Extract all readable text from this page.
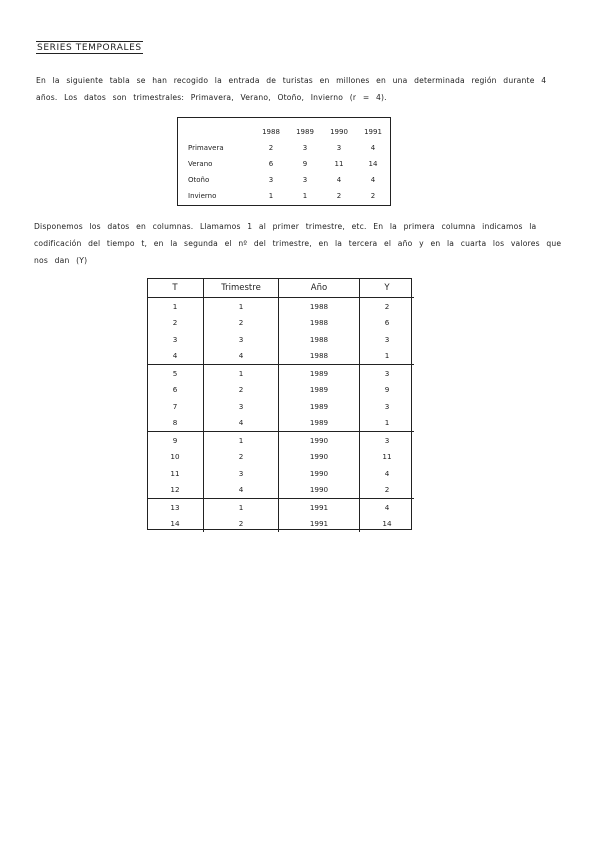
SERIES TEMPORALES
En la siguiente tabla se han recogido la entrada de turistas en millones en una determinada región durante 4 años. Los datos son trimestrales: Primavera, Verano, Otoño, Invierno (r = 4).
	1988	1989	1990	1991
Primavera	2	3	3	4
Verano	6	9	11	14
Otoño	3	3	4	4
Invierno	1	1	2	2
Disponemos los datos en columnas. Llamamos 1 al primer trimestre, etc. En la primera columna indicamos la codificación del tiempo t, en la segunda el nº del trimestre, en la tercera el año y en la cuarta los valores que nos dan (Y)
T	Trimestre	Año	Y
1	1	1988	2
2	2	1988	6
3	3	1988	3
4	4	1988	1
5	1	1989	3
6	2	1989	9
7	3	1989	3
8	4	1989	1
9	1	1990	3
10	2	1990	11
11	3	1990	4
12	4	1990	2
13	1	1991	4
14	2	1991	14
